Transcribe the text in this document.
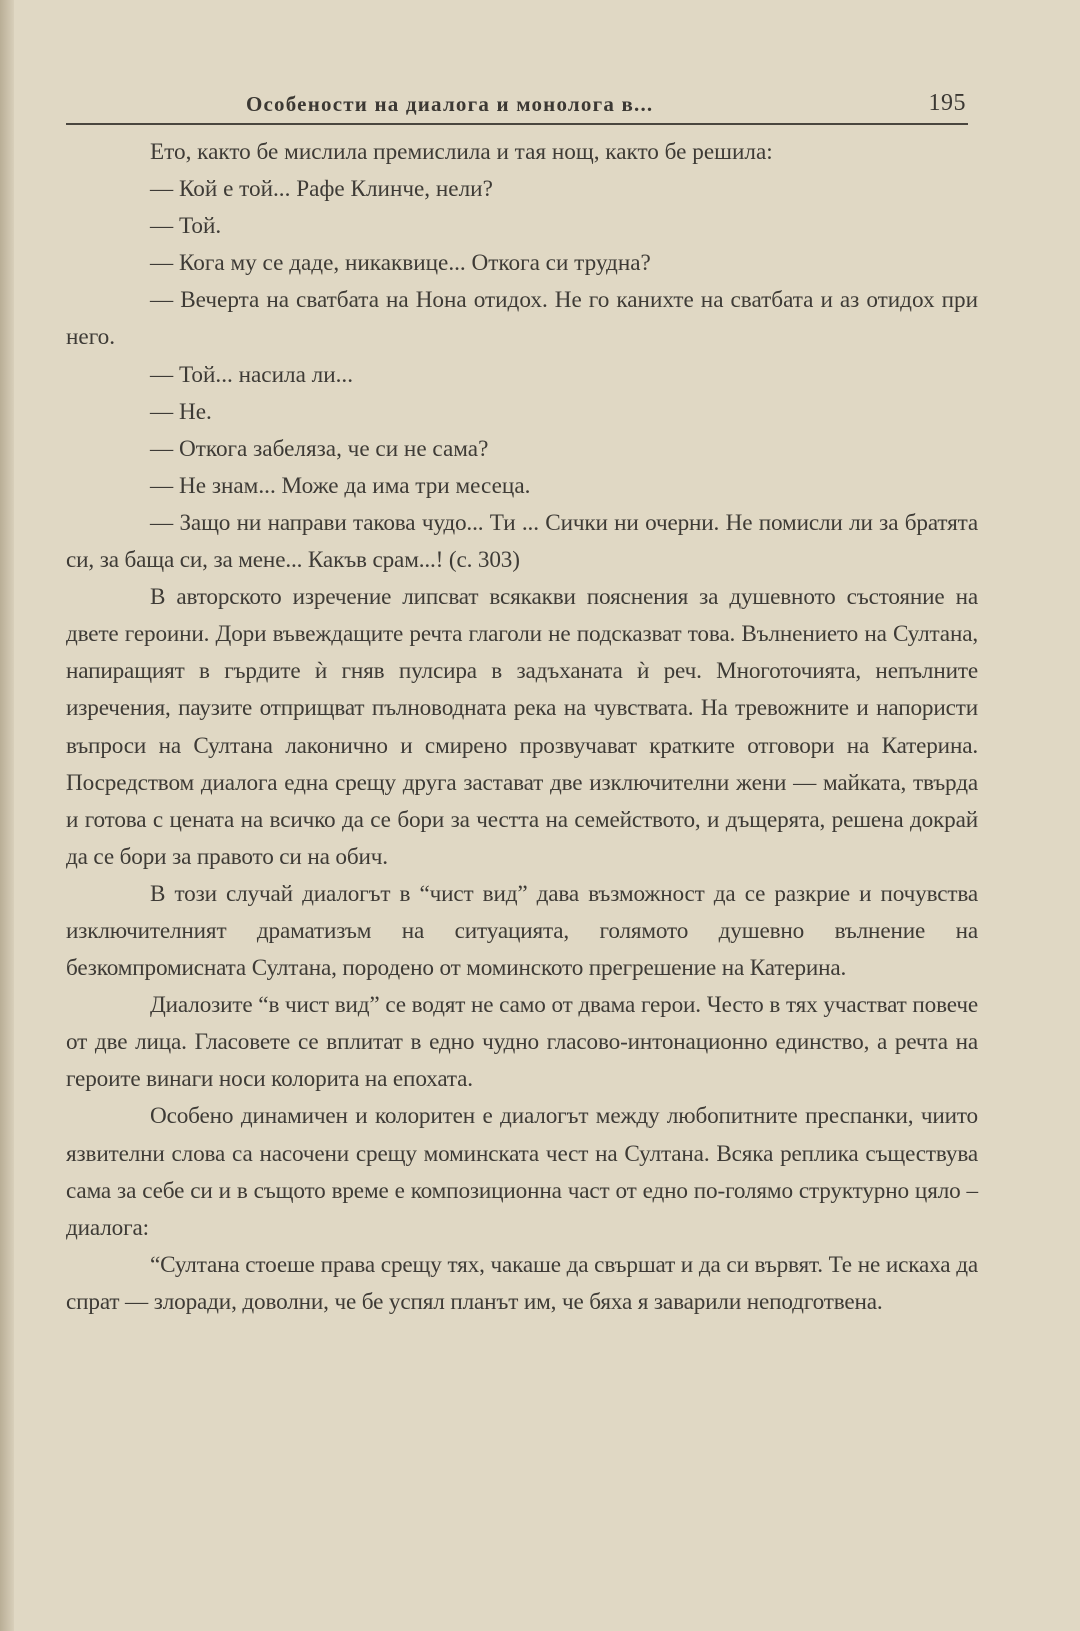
Особености на диалога и монолога в...	195

Ето, както бе мислила премислила и тая нощ, както бе решила:

— Кой е той... Рафе Клинче, нели?

— Той.

— Кога му се даде, никаквице... Откога си трудна?

— Вечерта на сватбата на Нона отидох. Не го канихте на сватбата и аз отидох при него.

— Той... насила ли...

— Не.

— Откога забеляза, че си не сама?

— Не знам... Може да има три месеца.

— Защо ни направи такова чудо... Ти ... Сички ни очерни. Не помисли ли за братята си, за баща си, за мене... Какъв срам...! (с. 303)

В авторското изречение липсват всякакви пояснения за душевното състояние на двете героини. Дори въвеждащите речта глаголи не подсказват това. Вълнението на Султана, напиращият в гърдите ѝ гняв пулсира в задъханата ѝ реч. Многоточията, непълните изречения, паузите отприщват пълноводната река на чувствата. На тревожните и напористи въпроси на Султана лаконично и смирено прозвучават кратките отговори на Катерина. Посредством диалога една срещу друга застават две изключителни жени — майката, твърда и готова с цената на всичко да се бори за честта на семейството, и дъщерята, решена докрай да се бори за правото си на обич.

В този случай диалогът в “чист вид” дава възможност да се разкрие и почувства изключителният драматизъм на ситуацията, голямото душевно вълнение на безкомпромисната Султана, породено от моминското прегрешение на Катерина.

Диалозите “в чист вид” се водят не само от двама герои. Често в тях участват повече от две лица. Гласовете се вплитат в едно чудно гласово-интонационно единство, а речта на героите винаги носи колорита на епохата.

Особено динамичен и колоритен е диалогът между любопитните преспанки, чиито язвителни слова са насочени срещу моминската чест на Султана. Всяка реплика съществува сама за себе си и в същото време е композиционна част от едно по-голямо структурно цяло – диалога:

“Султана стоеше права срещу тях, чакаше да свършат и да си вървят. Те не искаха да спрат — злоради, доволни, че бе успял планът им, че бяха я заварили неподготвена.
